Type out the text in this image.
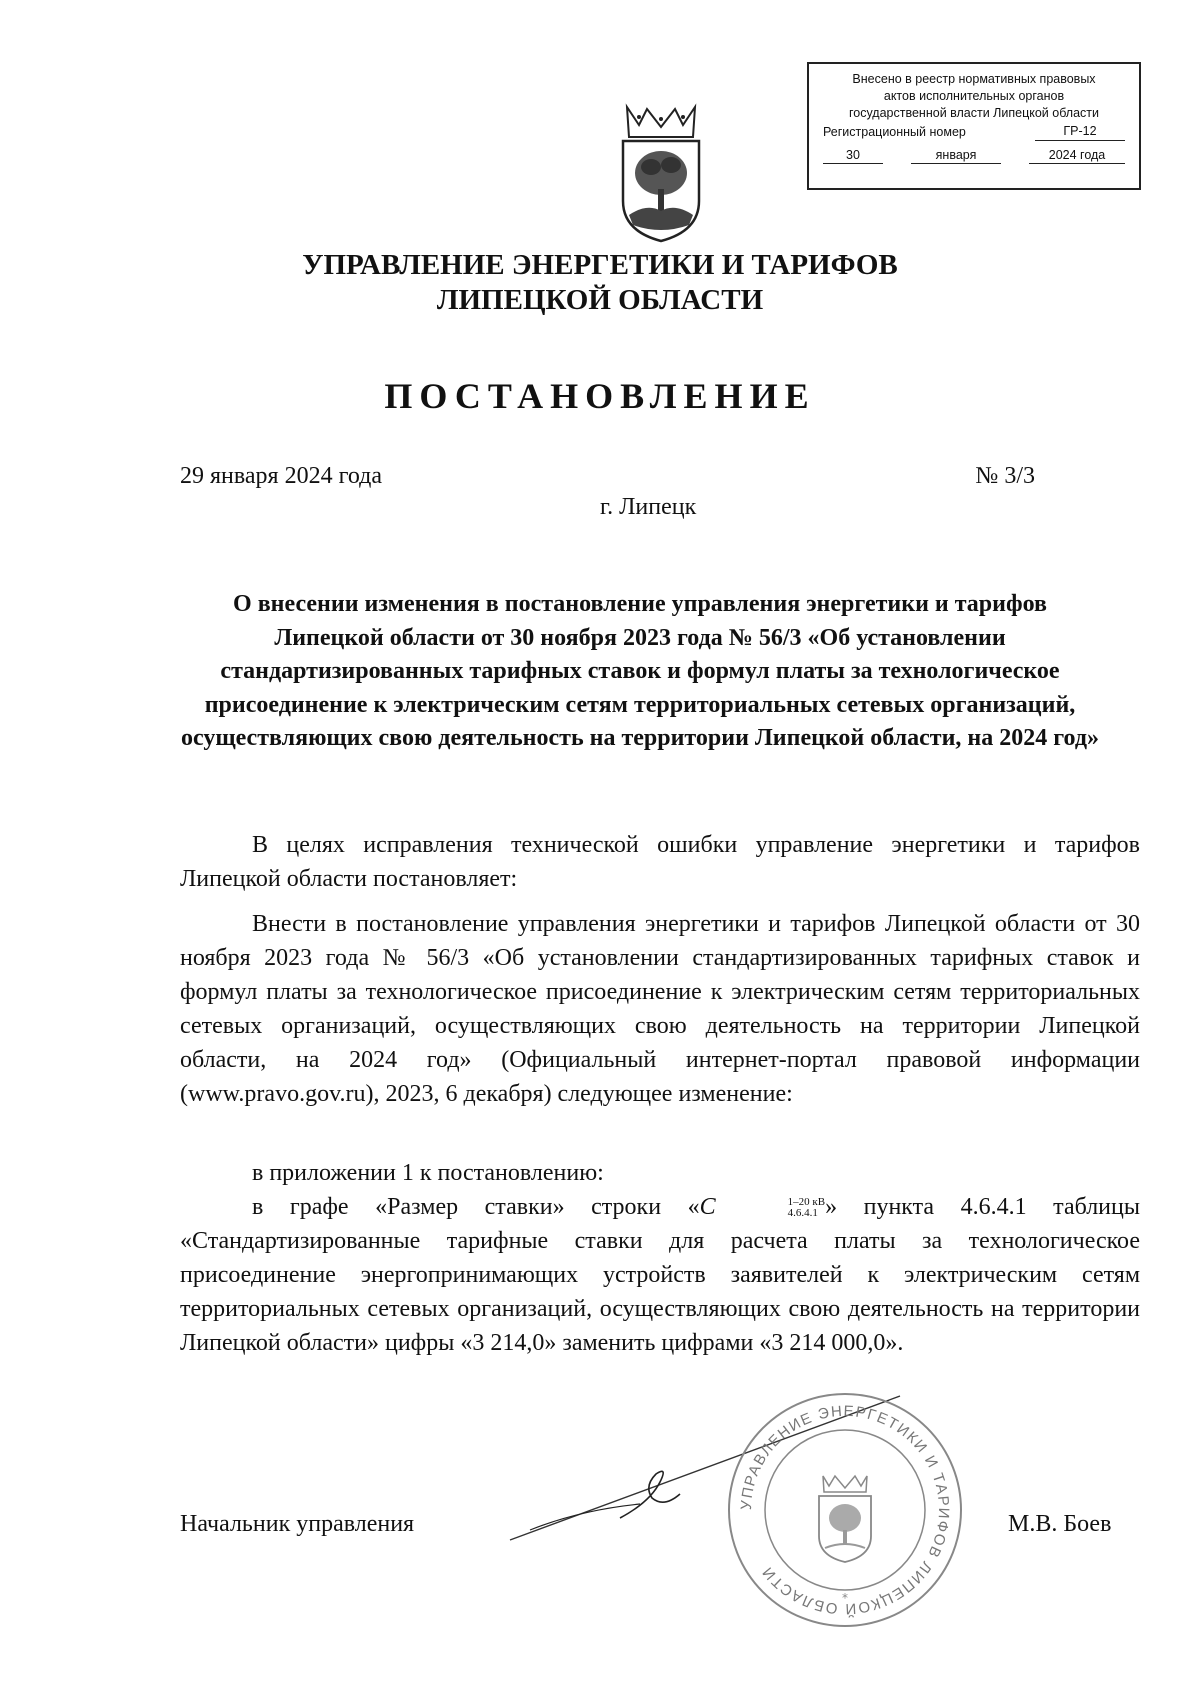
Внесено в реестр нормативных правовых
актов исполнительных органов
государственной власти Липецкой области
Регистрационный номер	ГР-12
30	января	2024 года
УПРАВЛЕНИЕ ЭНЕРГЕТИКИ И ТАРИФОВ
ЛИПЕЦКОЙ ОБЛАСТИ
ПОСТАНОВЛЕНИЕ
29 января 2024 года	№ 3/3
г. Липецк
О внесении изменения в постановление управления энергетики и тарифов Липецкой области от 30 ноября 2023 года № 56/3 «Об установлении стандартизированных тарифных ставок и формул платы за технологическое присоединение к электрическим сетям территориальных сетевых организаций, осуществляющих свою деятельность на территории Липецкой области, на 2024 год»

В целях исправления технической ошибки управление энергетики и тарифов Липецкой области постановляет:

Внести в постановление управления энергетики и тарифов Липецкой области от 30 ноября 2023 года № 56/3 «Об установлении стандартизированных тарифных ставок и формул платы за технологическое присоединение к электрическим сетям территориальных сетевых организаций, осуществляющих свою деятельность на территории Липецкой области, на 2024 год» (Официальный интернет-портал правовой информации (www.pravo.gov.ru), 2023, 6 декабря) следующее изменение:

в приложении 1 к постановлению:

в графе «Размер ставки» строки «C	1–20 кВ
4.6.4.1 » пункта 4.6.4.1 таблицы «Стандартизированные тарифные ставки для расчета платы за технологическое присоединение энергопринимающих устройств заявителей к электрическим сетям территориальных сетевых организаций, осуществляющих свою деятельность на территории Липецкой области» цифры «3 214,0» заменить цифрами «3 214 000,0».

Начальник управления	М.В. Боев
УПРАВЛЕНИЕ ЭНЕРГЕТИКИ И ТАРИФОВ ЛИПЕЦКОЙ ОБЛАСТИ
*
